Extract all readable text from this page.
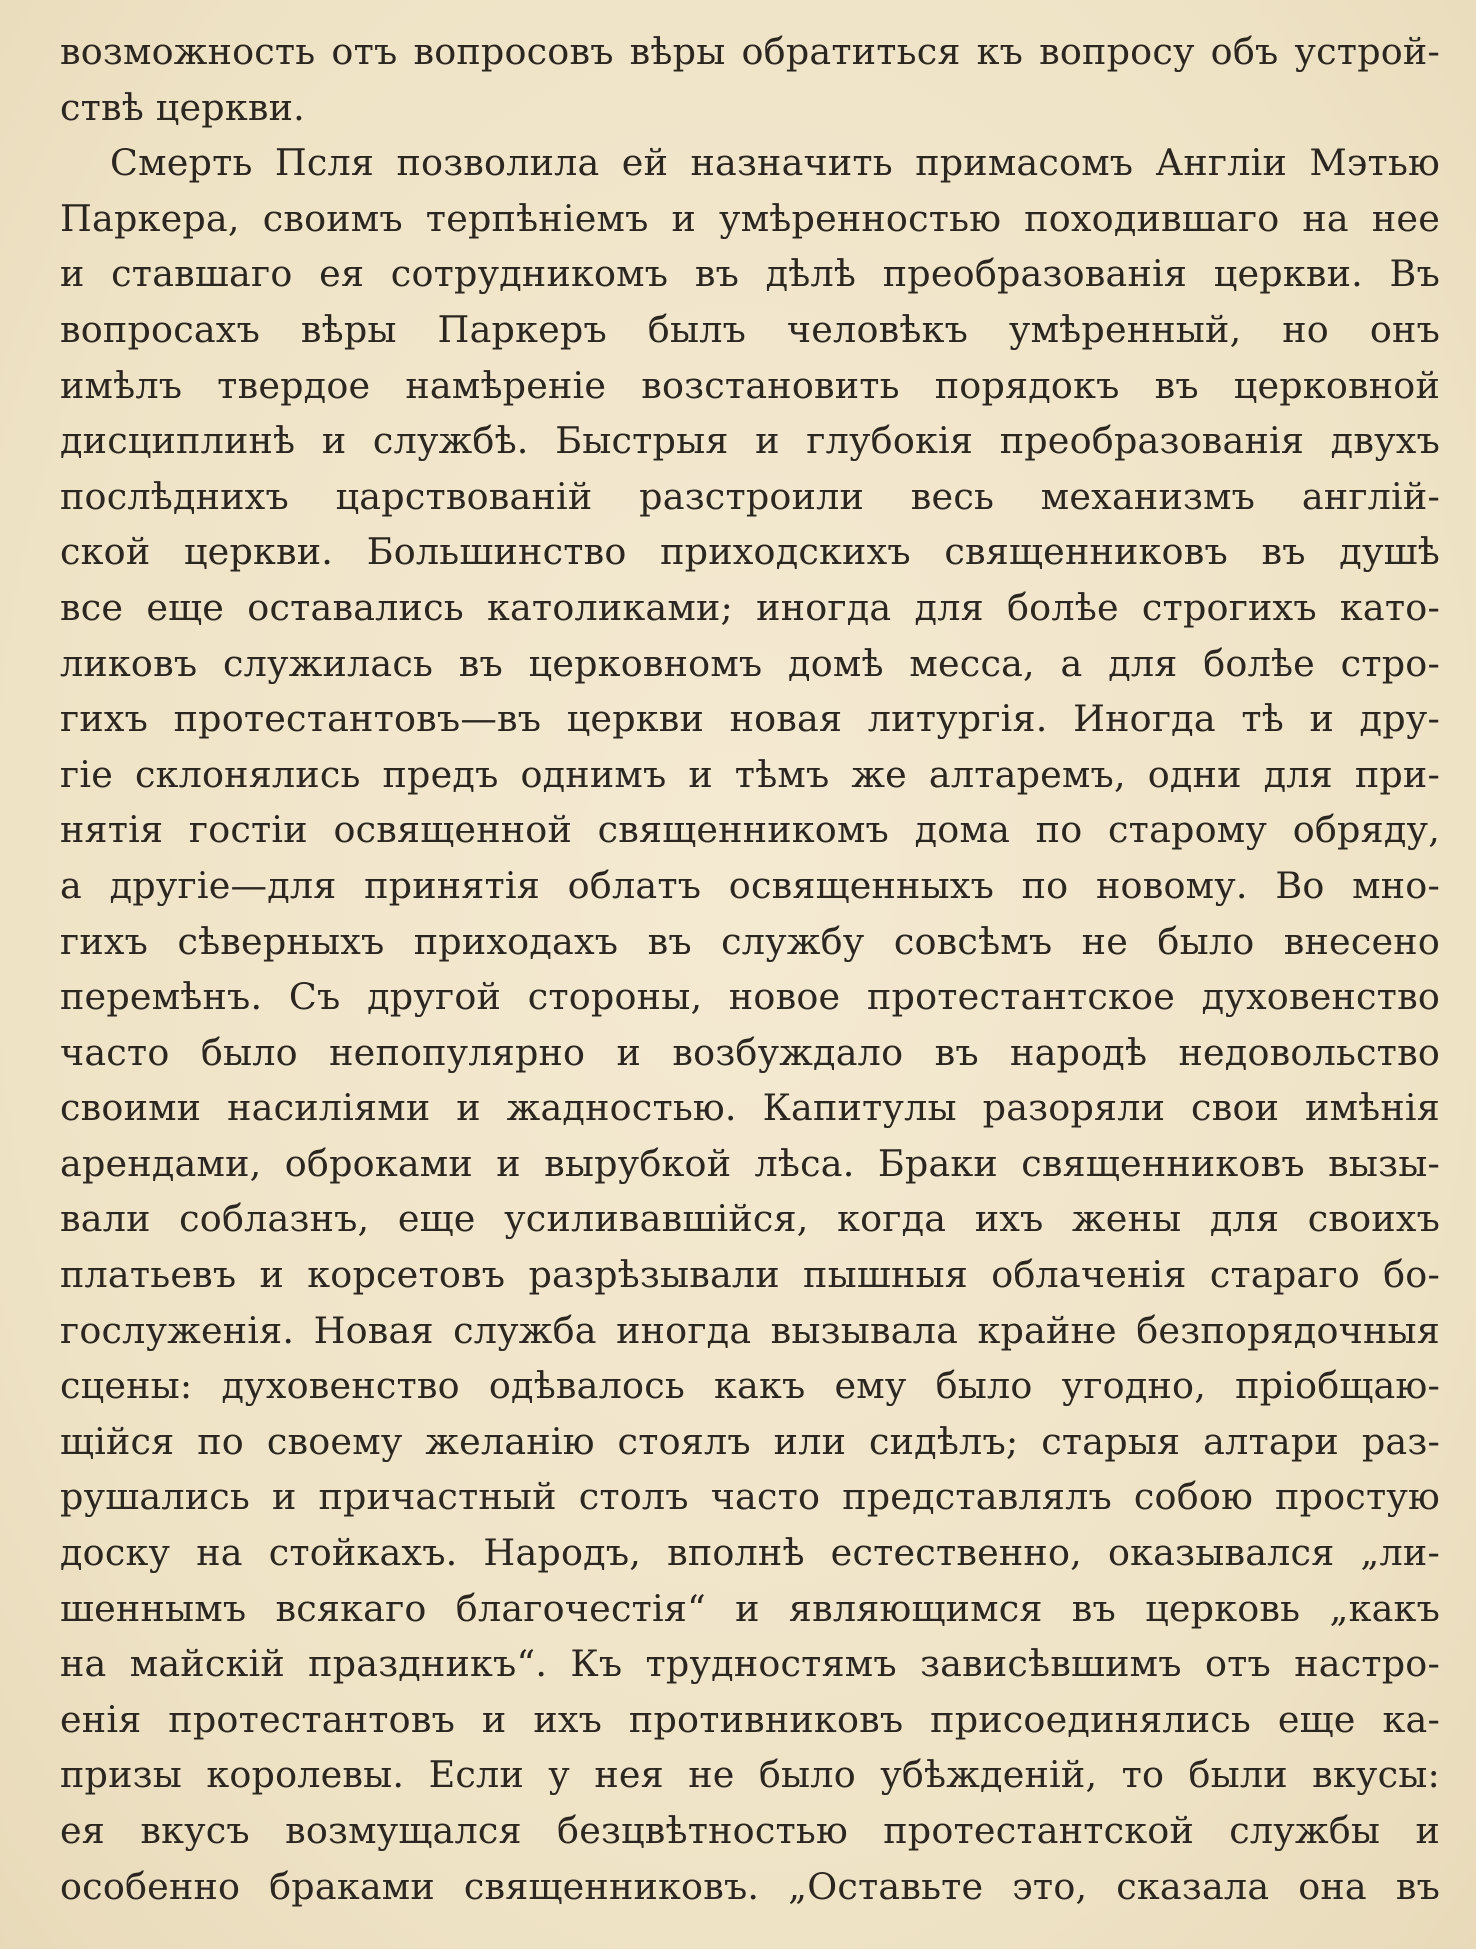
возможность отъ вопросовъ вѣры обратиться къ вопросу объ устрой-
ствѣ церкви.
Смерть Псля позволила ей назначить примасомъ Англіи Мэтью
Паркера, своимъ терпѣніемъ и умѣренностью походившаго на нее
и ставшаго ея сотрудникомъ въ дѣлѣ преобразованія церкви. Въ
вопросахъ вѣры Паркеръ былъ человѣкъ умѣренный, но онъ
имѣлъ твердое намѣреніе возстановить порядокъ въ церковной
дисциплинѣ и службѣ. Быстрыя и глубокія преобразованія двухъ
послѣднихъ царствованій разстроили весь механизмъ англій-
ской церкви. Большинство приходскихъ священниковъ въ душѣ
все еще оставались католиками; иногда для болѣе строгихъ като-
ликовъ служилась въ церковномъ домѣ месса, а для болѣе стро-
гихъ протестантовъ—въ церкви новая литургія. Иногда тѣ и дру-
гіе склонялись предъ однимъ и тѣмъ же алтаремъ, одни для при-
нятія гостіи освященной священникомъ дома по старому обряду,
а другіе—для принятія облатъ освященныхъ по новому. Во мно-
гихъ сѣверныхъ приходахъ въ службу совсѣмъ не было внесено
перемѣнъ. Съ другой стороны, новое протестантское духовенство
часто было непопулярно и возбуждало въ народѣ недовольство
своими насиліями и жадностью. Капитулы разоряли свои имѣнія
арендами, оброками и вырубкой лѣса. Браки священниковъ вызы-
вали соблазнъ, еще усиливавшійся, когда ихъ жены для своихъ
платьевъ и корсетовъ разрѣзывали пышныя облаченія стараго бо-
гослуженія. Новая служба иногда вызывала крайне безпорядочныя
сцены: духовенство одѣвалось какъ ему было угодно, пріобщаю-
щійся по своему желанію стоялъ или сидѣлъ; старыя алтари раз-
рушались и причастный столъ часто представлялъ собою простую
доску на стойкахъ. Народъ, вполнѣ естественно, оказывался „ли-
шеннымъ всякаго благочестія“ и являющимся въ церковь „какъ
на майскій праздникъ“. Къ трудностямъ зависѣвшимъ отъ настро-
енія протестантовъ и ихъ противниковъ присоединялись еще ка-
призы королевы. Если у нея не было убѣжденій, то были вкусы:
ея вкусъ возмущался безцвѣтностью протестантской службы и
особенно браками священниковъ. „Оставьте это, сказала она въ
